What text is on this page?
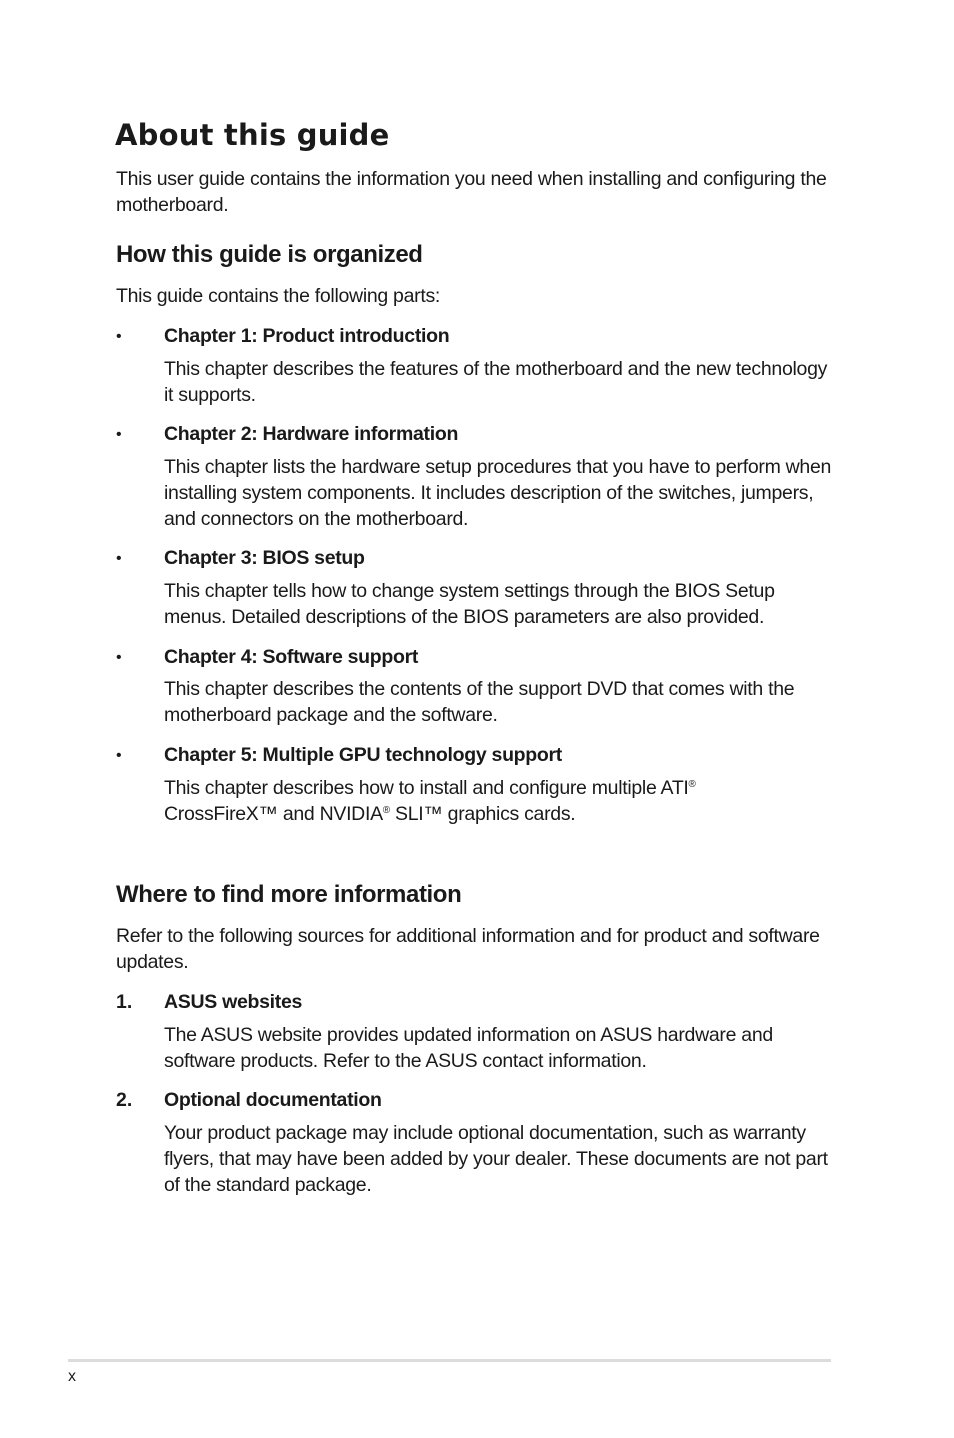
About this guide

This user guide contains the information you need when installing and configuring the motherboard.

How this guide is organized

This guide contains the following parts:

• Chapter 1: Product introduction

This chapter describes the features of the motherboard and the new technology it supports.

• Chapter 2: Hardware information

This chapter lists the hardware setup procedures that you have to perform when installing system components. It includes description of the switches, jumpers, and connectors on the motherboard.

• Chapter 3: BIOS setup

This chapter tells how to change system settings through the BIOS Setup menus. Detailed descriptions of the BIOS parameters are also provided.

• Chapter 4: Software support

This chapter describes the contents of the support DVD that comes with the motherboard package and the software.

• Chapter 5: Multiple GPU technology support

This chapter describes how to install and configure multiple ATI®
CrossFireX™ and NVIDIA® SLI™ graphics cards.

Where to find more information

Refer to the following sources for additional information and for product and software updates.

1. ASUS websites

The ASUS website provides updated information on ASUS hardware and software products. Refer to the ASUS contact information.

2. Optional documentation

Your product package may include optional documentation, such as warranty flyers, that may have been added by your dealer. These documents are not part of the standard package.

x
